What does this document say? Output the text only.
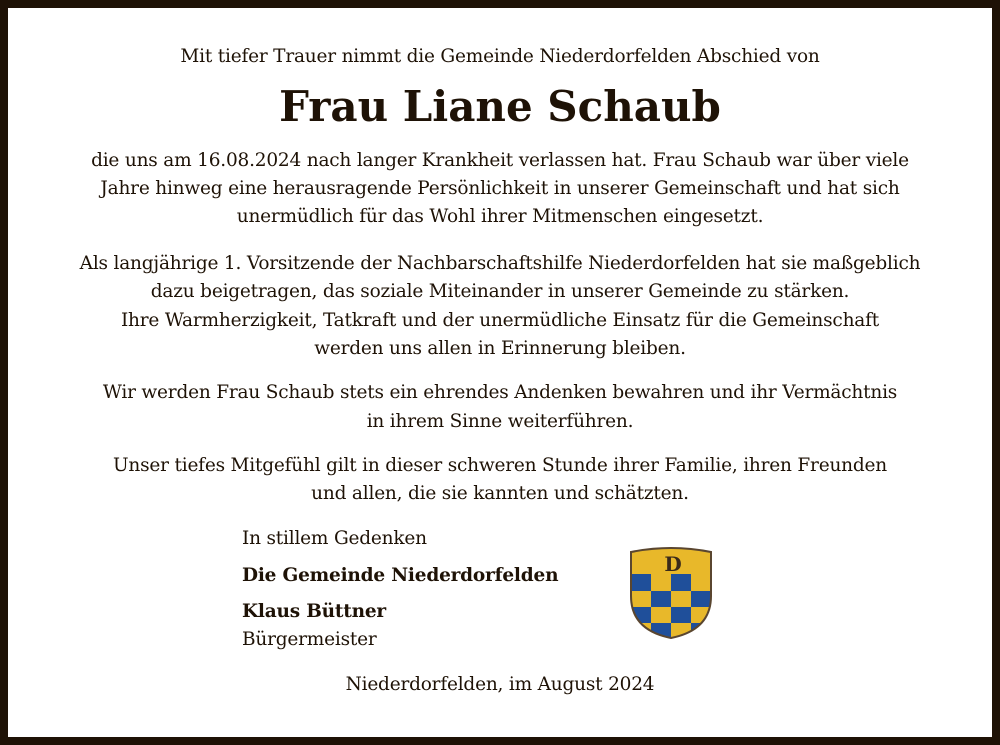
Mit tiefer Trauer nimmt die Gemeinde Niederdorfelden Abschied von
Frau Liane Schaub
die uns am 16.08.2024 nach langer Krankheit verlassen hat. Frau Schaub war über viele
Jahre hinweg eine herausragende Persönlichkeit in unserer Gemeinschaft und hat sich
unermüdlich für das Wohl ihrer Mitmenschen eingesetzt.
Als langjährige 1. Vorsitzende der Nachbarschaftshilfe Niederdorfelden hat sie maßgeblich
dazu beigetragen, das soziale Miteinander in unserer Gemeinde zu stärken.
Ihre Warmherzigkeit, Tatkraft und der unermüdliche Einsatz für die Gemeinschaft
werden uns allen in Erinnerung bleiben.
Wir werden Frau Schaub stets ein ehrendes Andenken bewahren und ihr Vermächtnis
in ihrem Sinne weiterführen.
Unser tiefes Mitgefühl gilt in dieser schweren Stunde ihrer Familie, ihren Freunden
und allen, die sie kannten und schätzten.
In stillem Gedenken
Die Gemeinde Niederdorfelden
Klaus Büttner
Bürgermeister
D
Niederdorfelden, im August 2024
